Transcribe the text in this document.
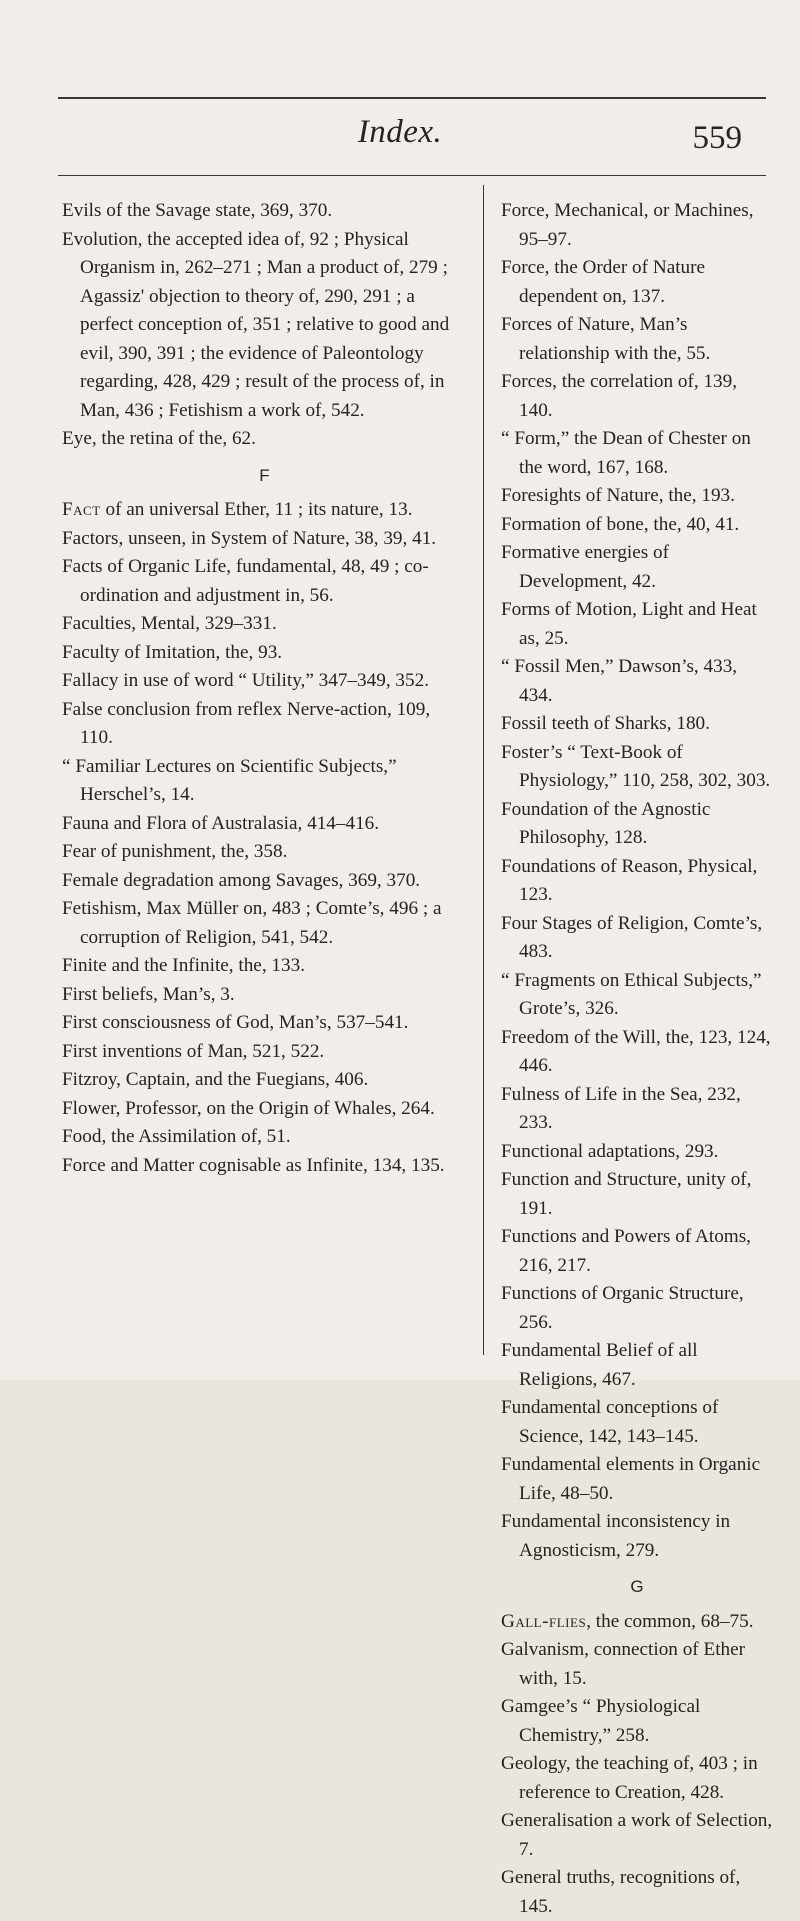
Index.	559
Evils of the Savage state, 369, 370.
Evolution, the accepted idea of, 92 ; Physical Organism in, 262–271 ; Man a product of, 279 ; Agassiz' objection to theory of, 290, 291 ; a perfect conception of, 351 ; relative to good and evil, 390, 391 ; the evidence of Paleontology regarding, 428, 429 ; result of the process of, in Man, 436 ; Fetishism a work of, 542.
Eye, the retina of the, 62.
F
Fact of an universal Ether, 11 ; its nature, 13.
Factors, unseen, in System of Nature, 38, 39, 41.
Facts of Organic Life, fundamental, 48, 49 ; co-ordination and adjustment in, 56.
Faculties, Mental, 329–331.
Faculty of Imitation, the, 93.
Fallacy in use of word “ Utility,” 347–349, 352.
False conclusion from reflex Nerve-action, 109, 110.
“ Familiar Lectures on Scientific Subjects,” Herschel’s, 14.
Fauna and Flora of Australasia, 414–416.
Fear of punishment, the, 358.
Female degradation among Savages, 369, 370.
Fetishism, Max Müller on, 483 ; Comte’s, 496 ; a corruption of Religion, 541, 542.
Finite and the Infinite, the, 133.
First beliefs, Man’s, 3.
First consciousness of God, Man’s, 537–541.
First inventions of Man, 521, 522.
Fitzroy, Captain, and the Fuegians, 406.
Flower, Professor, on the Origin of Whales, 264.
Food, the Assimilation of, 51.
Force and Matter cognisable as Infinite, 134, 135.
Force, Mechanical, or Machines, 95–97.
Force, the Order of Nature dependent on, 137.
Forces of Nature, Man’s relationship with the, 55.
Forces, the correlation of, 139, 140.
“ Form,” the Dean of Chester on the word, 167, 168.
Foresights of Nature, the, 193.
Formation of bone, the, 40, 41.
Formative energies of Development, 42.
Forms of Motion, Light and Heat as, 25.
“ Fossil Men,” Dawson’s, 433, 434.
Fossil teeth of Sharks, 180.
Foster’s “ Text-Book of Physiology,” 110, 258, 302, 303.
Foundation of the Agnostic Philosophy, 128.
Foundations of Reason, Physical, 123.
Four Stages of Religion, Comte’s, 483.
“ Fragments on Ethical Subjects,” Grote’s, 326.
Freedom of the Will, the, 123, 124, 446.
Fulness of Life in the Sea, 232, 233.
Functional adaptations, 293.
Function and Structure, unity of, 191.
Functions and Powers of Atoms, 216, 217.
Functions of Organic Structure, 256.
Fundamental Belief of all Religions, 467.
Fundamental conceptions of Science, 142, 143–145.
Fundamental elements in Organic Life, 48–50.
Fundamental inconsistency in Agnosticism, 279.
G
Gall-flies, the common, 68–75.
Galvanism, connection of Ether with, 15.
Gamgee’s “ Physiological Chemistry,” 258.
Geology, the teaching of, 403 ; in reference to Creation, 428.
Generalisation a work of Selection, 7.
General truths, recognitions of, 145.
